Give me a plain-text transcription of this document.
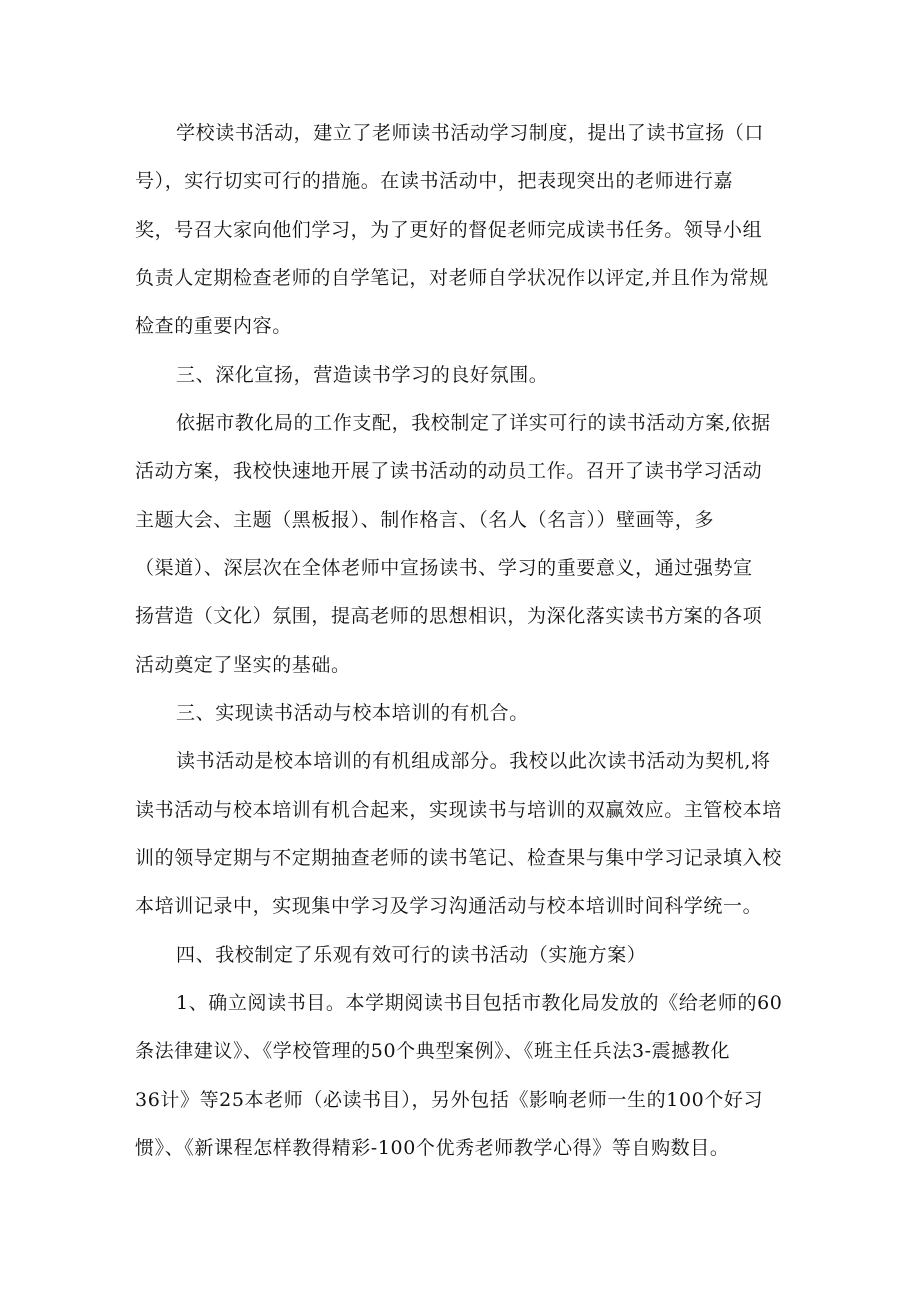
学校读书活动，建立了老师读书活动学习制度，提出了读书宣扬（口
号），实行切实可行的措施。在读书活动中，把表现突出的老师进行嘉
奖，号召大家向他们学习，为了更好的督促老师完成读书任务。领导小组
负责人定期检查老师的自学笔记，对老师自学状况作以评定,并且作为常规
检查的重要内容。
三、深化宣扬，营造读书学习的良好氛围。
依据市教化局的工作支配，我校制定了详实可行的读书活动方案,依据
活动方案，我校快速地开展了读书活动的动员工作。召开了读书学习活动
主题大会、主题（黑板报）、制作格言、（名人（名言））壁画等，多
（渠道）、深层次在全体老师中宣扬读书、学习的重要意义，通过强势宣
扬营造（文化）氛围，提高老师的思想相识，为深化落实读书方案的各项
活动奠定了坚实的基础。
三、实现读书活动与校本培训的有机合。
读书活动是校本培训的有机组成部分。我校以此次读书活动为契机,将
读书活动与校本培训有机合起来，实现读书与培训的双赢效应。主管校本培
训的领导定期与不定期抽查老师的读书笔记、检查果与集中学习记录填入校
本培训记录中，实现集中学习及学习沟通活动与校本培训时间科学统一。
四、我校制定了乐观有效可行的读书活动（实施方案）
1、确立阅读书目。本学期阅读书目包括市教化局发放的《给老师的60
条法律建议》、《学校管理的50个典型案例》、《班主任兵法3-震撼教化
36计》等25本老师（必读书目），另外包括《影响老师一生的100个好习
惯》、《新课程怎样教得精彩-100个优秀老师教学心得》等自购数目。
